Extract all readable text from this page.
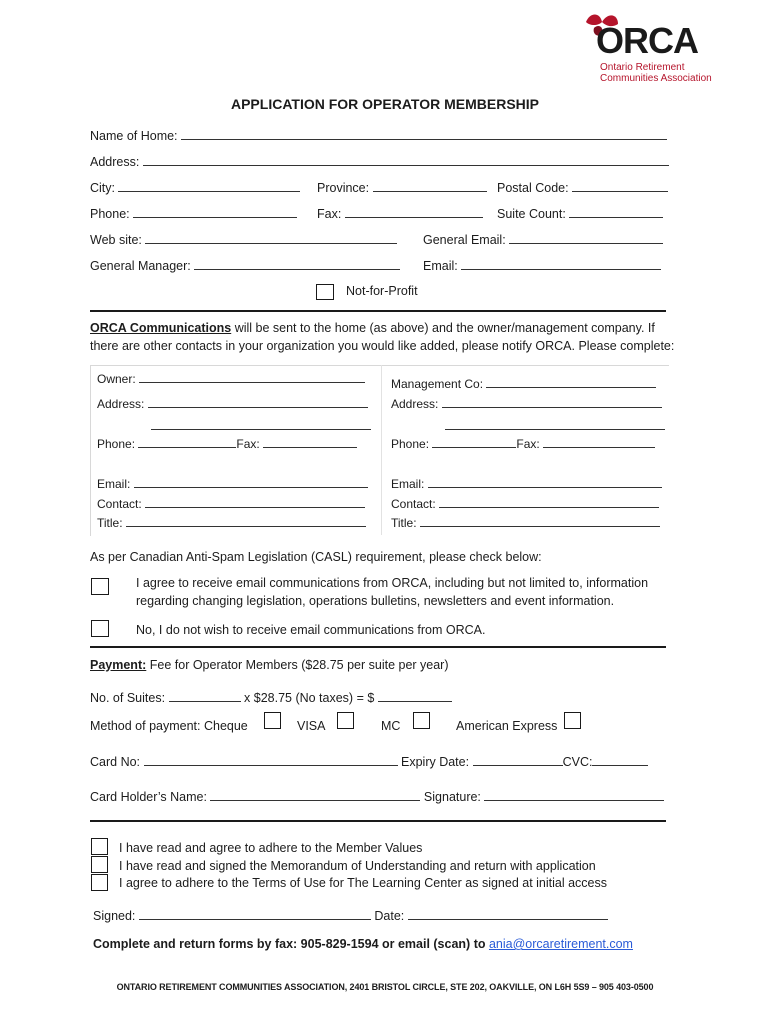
ORCA
Ontario Retirement
Communities Association
APPLICATION FOR OPERATOR MEMBERSHIP
Name of Home:
Address:
City:	Province:	Postal Code:
Phone:	Fax:	Suite Count:
Web site:	General Email:
General Manager:	Email:
Not-for-Profit
ORCA Communications will be sent to the home (as above) and the owner/management company. If
there are other contacts in your organization you would like added, please notify ORCA. Please complete:
Owner:
Address:
Phone:	Fax:
Email:
Contact:
Title:
Management Co:
Address:
Phone:	Fax:
Email:
Contact:
Title:
As per Canadian Anti-Spam Legislation (CASL) requirement, please check below:
I agree to receive email communications from ORCA, including but not limited to, information
regarding changing legislation, operations bulletins, newsletters and event information.
No, I do not wish to receive email communications from ORCA.
Payment: Fee for Operator Members ($28.75 per suite per year)
No. of Suites:	x $28.75 (No taxes) = $
Method of payment: Cheque	VISA	MC	American Express
Card No:	Expiry Date:	CVC:
Card Holder’s Name:	Signature:
I have read and agree to adhere to the Member Values
I have read and signed the Memorandum of Understanding and return with application
I agree to adhere to the Terms of Use for The Learning Center as signed at initial access
Signed:	Date:
Complete and return forms by fax: 905-829-1594 or email (scan) to ania@orcaretirement.com
ONTARIO RETIREMENT COMMUNITIES ASSOCIATION, 2401 BRISTOL CIRCLE, STE 202, OAKVILLE, ON L6H 5S9 – 905 403-0500
